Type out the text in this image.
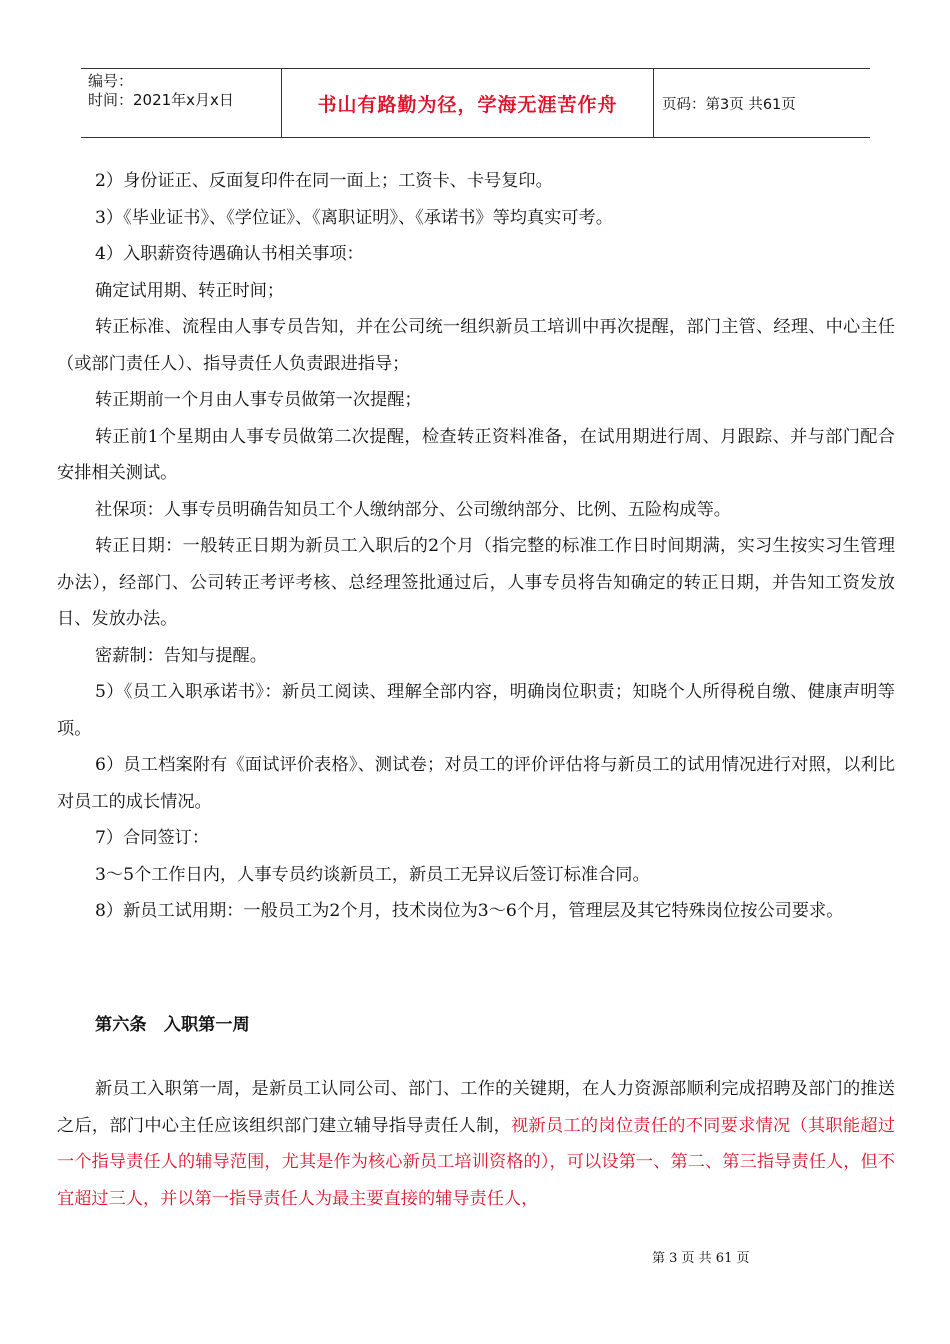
编号：
时间：2021年x月x日	书山有路勤为径，学海无涯苦作舟	页码：第3页 共61页

2）身份证正、反面复印件在同一面上；工资卡、卡号复印。

3）《毕业证书》、《学位证》、《离职证明》、《承诺书》等均真实可考。

4）入职薪资待遇确认书相关事项：

确定试用期、转正时间；

转正标准、流程由人事专员告知，并在公司统一组织新员工培训中再次提醒，部门主管、经理、中心主任（或部门责任人）、指导责任人负责跟进指导；

转正期前一个月由人事专员做第一次提醒；

转正前1个星期由人事专员做第二次提醒，检查转正资料准备，在试用期进行周、月跟踪、并与部门配合安排相关测试。

社保项：人事专员明确告知员工个人缴纳部分、公司缴纳部分、比例、五险构成等。

转正日期：一般转正日期为新员工入职后的2个月（指完整的标准工作日时间期满，实习生按实习生管理办法），经部门、公司转正考评考核、总经理签批通过后，人事专员将告知确定的转正日期，并告知工资发放日、发放办法。

密薪制：告知与提醒。

5）《员工入职承诺书》：新员工阅读、理解全部内容，明确岗位职责；知晓个人所得税自缴、健康声明等项。

6）员工档案附有《面试评价表格》、测试卷；对员工的评价评估将与新员工的试用情况进行对照，以利比对员工的成长情况。

7）合同签订：

3～5个工作日内，人事专员约谈新员工，新员工无异议后签订标准合同。

8）新员工试用期：一般员工为2个月，技术岗位为3～6个月，管理层及其它特殊岗位按公司要求。

第六条　入职第一周

新员工入职第一周，是新员工认同公司、部门、工作的关键期，在人力资源部顺利完成招聘及部门的推送之后，部门中心主任应该组织部门建立辅导指导责任人制，视新员工的岗位责任的不同要求情况（其职能超过一个指导责任人的辅导范围，尤其是作为核心新员工培训资格的），可以设第一、第二、第三指导责任人，但不宜超过三人，并以第一指导责任人为最主要直接的辅导责任人，

第 3 页 共 61 页
